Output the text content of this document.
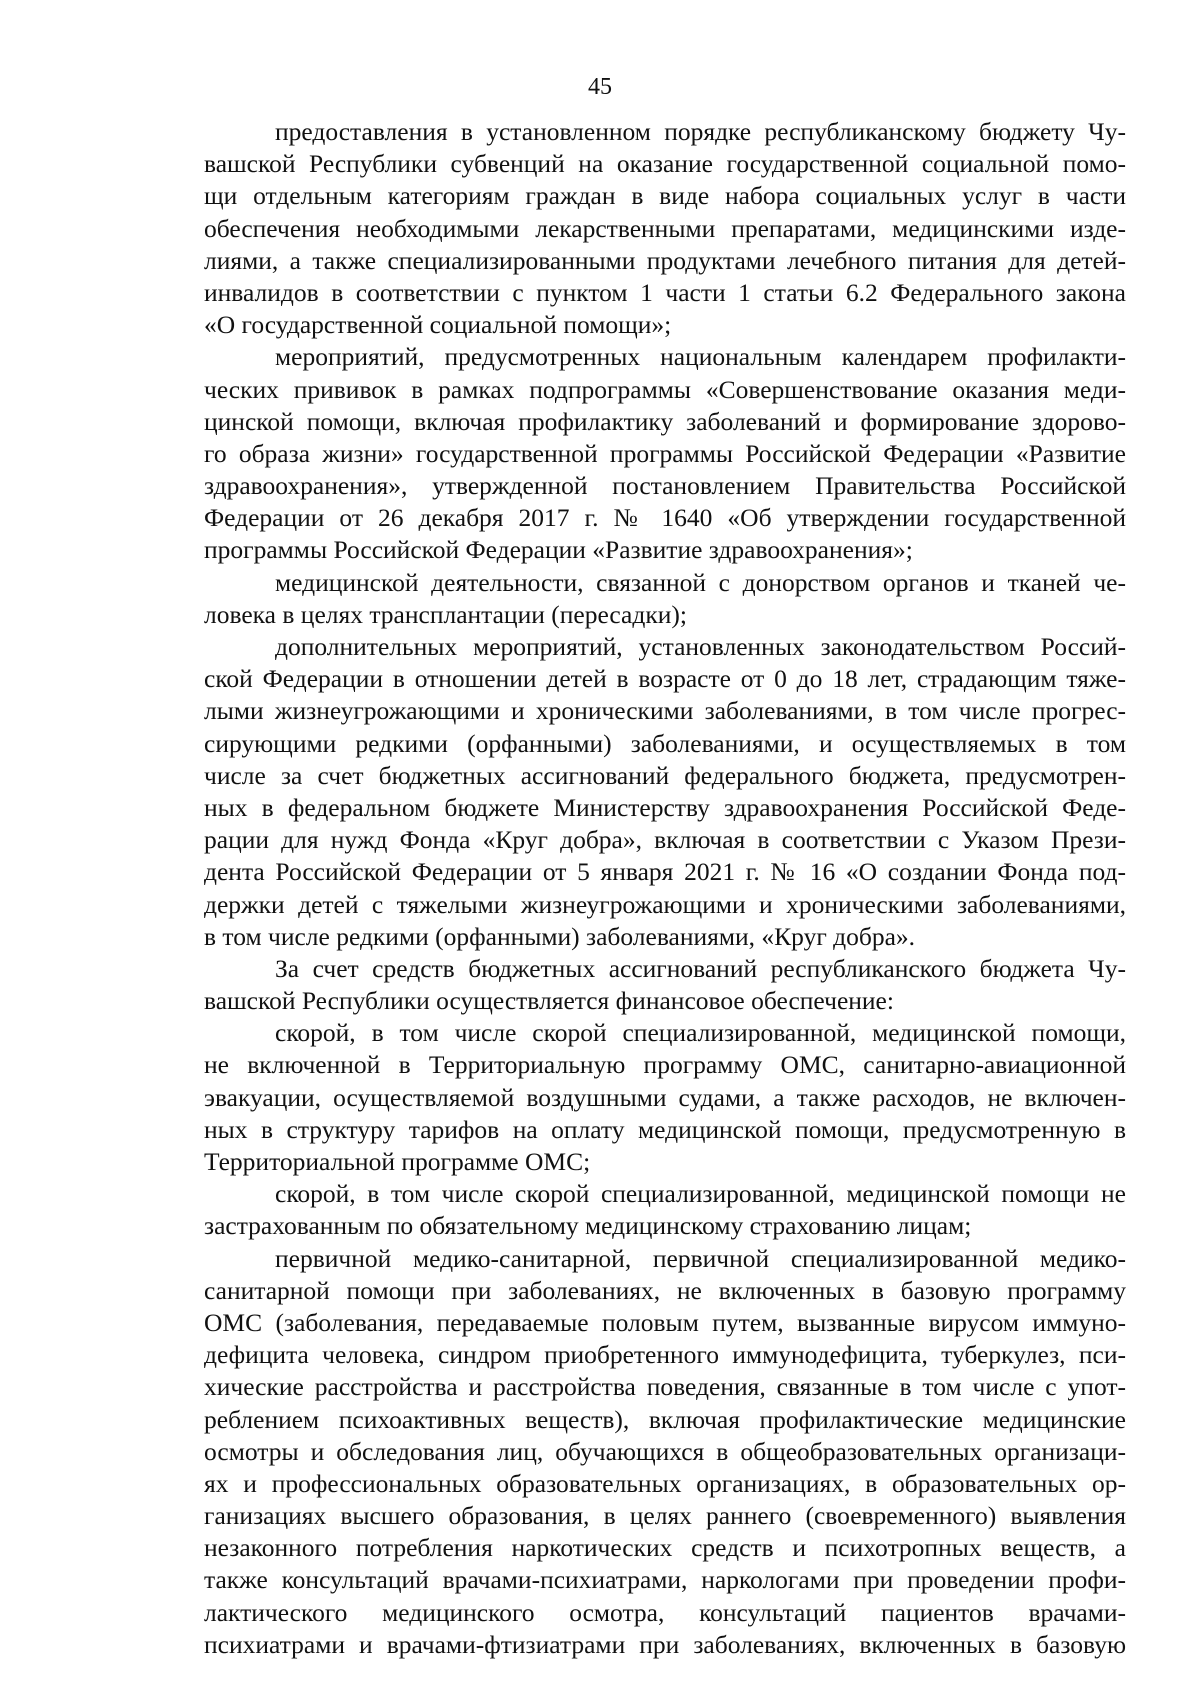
45
предоставления в установленном порядке республиканскому бюджету Чу-
вашской Республики субвенций на оказание государственной социальной помо-
щи отдельным категориям граждан в виде набора социальных услуг в части
обеспечения необходимыми лекарственными препаратами, медицинскими изде-
лиями, а также специализированными продуктами лечебного питания для детей-
инвалидов в соответствии с пунктом 1 части 1 статьи 6.2 Федерального закона
«О государственной социальной помощи»;
мероприятий, предусмотренных национальным календарем профилакти-
ческих прививок в рамках подпрограммы «Совершенствование оказания меди-
цинской помощи, включая профилактику заболеваний и формирование здорово-
го образа жизни» государственной программы Российской Федерации «Развитие
здравоохранения», утвержденной постановлением Правительства Российской
Федерации от 26 декабря 2017 г. № 1640 «Об утверждении государственной
программы Российской Федерации «Развитие здравоохранения»;
медицинской деятельности, связанной с донорством органов и тканей че-
ловека в целях трансплантации (пересадки);
дополнительных мероприятий, установленных законодательством Россий-
ской Федерации в отношении детей в возрасте от 0 до 18 лет, страдающим тяже-
лыми жизнеугрожающими и хроническими заболеваниями, в том числе прогрес-
сирующими редкими (орфанными) заболеваниями, и осуществляемых в том
числе за счет бюджетных ассигнований федерального бюджета, предусмотрен-
ных в федеральном бюджете Министерству здравоохранения Российской Феде-
рации для нужд Фонда «Круг добра», включая в соответствии с Указом Прези-
дента Российской Федерации от 5 января 2021 г. № 16 «О создании Фонда под-
держки детей с тяжелыми жизнеугрожающими и хроническими заболеваниями,
в том числе редкими (орфанными) заболеваниями, «Круг добра».
За счет средств бюджетных ассигнований республиканского бюджета Чу-
вашской Республики осуществляется финансовое обеспечение:
скорой, в том числе скорой специализированной, медицинской помощи,
не включенной в Территориальную программу ОМС, санитарно-авиационной
эвакуации, осуществляемой воздушными судами, а также расходов, не включен-
ных в структуру тарифов на оплату медицинской помощи, предусмотренную в
Территориальной программе ОМС;
скорой, в том числе скорой специализированной, медицинской помощи не
застрахованным по обязательному медицинскому страхованию лицам;
первичной медико-санитарной, первичной специализированной медико-
санитарной помощи при заболеваниях, не включенных в базовую программу
ОМС (заболевания, передаваемые половым путем, вызванные вирусом иммуно-
дефицита человека, синдром приобретенного иммунодефицита, туберкулез, пси-
хические расстройства и расстройства поведения, связанные в том числе с упот-
реблением психоактивных веществ), включая профилактические медицинские
осмотры и обследования лиц, обучающихся в общеобразовательных организаци-
ях и профессиональных образовательных организациях, в образовательных ор-
ганизациях высшего образования, в целях раннего (своевременного) выявления
незаконного потребления наркотических средств и психотропных веществ, а
также консультаций врачами-психиатрами, наркологами при проведении профи-
лактического медицинского осмотра, консультаций пациентов врачами-
психиатрами и врачами-фтизиатрами при заболеваниях, включенных в базовую
